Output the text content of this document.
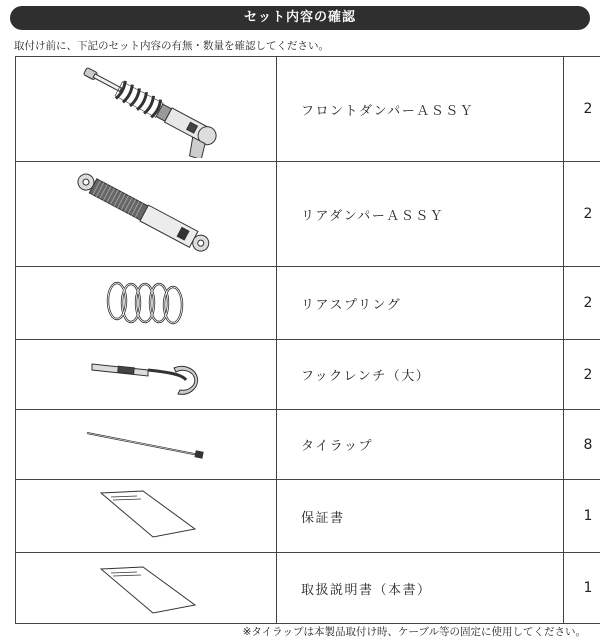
セット内容の確認
取付け前に、下記のセット内容の有無・数量を確認してください。
	フロントダンパーＡＳＳＹ	2

	リアダンパーＡＳＳＹ	2

	リアスプリング	2

	フックレンチ（大）	2

	タイラップ	8

	保証書	1

	取扱説明書（本書）	1
※タイラップは本製品取付け時、ケーブル等の固定に使用してください。
